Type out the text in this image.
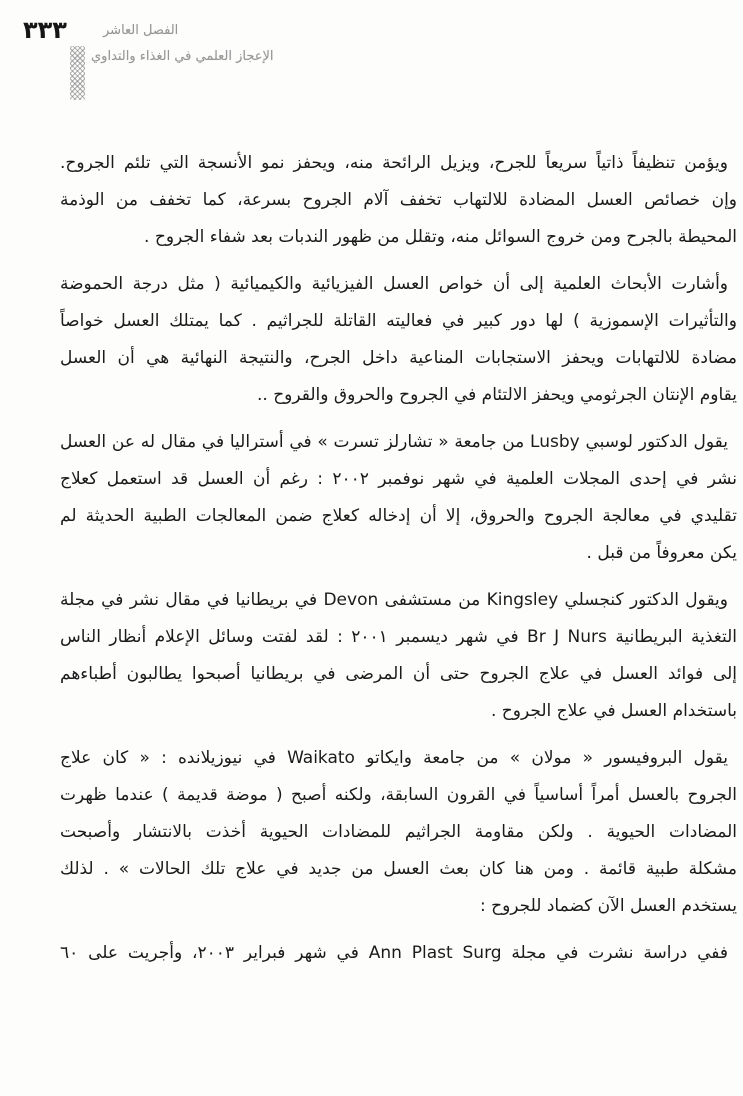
٣٣٣	الفصل العاشر
الإعجاز العلمي في الغذاء والتداوي
ويؤمن تنظيفاً ذاتياً سريعاً للجرح، ويزيل الرائحة منه، ويحفز نمو الأنسجة التي تلئم الجروح.
وإن خصائص العسل المضادة للالتهاب تخفف آلام الجروح بسرعة، كما تخفف من الوذمة
المحيطة بالجرح ومن خروج السوائل منه، وتقلل من ظهور الندبات بعد شفاء الجروح .
وأشارت الأبحاث العلمية إلى أن خواص العسل الفيزيائية والكيميائية ( مثل درجة الحموضة
والتأثيرات الإسموزية ) لها دور كبير في فعاليته القاتلة للجراثيم . كما يمتلك العسل خواصاً
مضادة للالتهابات ويحفز الاستجابات المناعية داخل الجرح، والنتيجة النهائية هي أن العسل
يقاوم الإنتان الجرثومي ويحفز الالتئام في الجروح والحروق والقروح ..
يقول الدكتور لوسبي Lusby من جامعة « تشارلز تسرت » في أستراليا في مقال له عن العسل
نشر في إحدى المجلات العلمية في شهر نوفمبر ٢٠٠٢ : رغم أن العسل قد استعمل كعلاج
تقليدي في معالجة الجروح والحروق، إلا أن إدخاله كعلاج ضمن المعالجات الطبية الحديثة لم
يكن معروفاً من قبل .
ويقول الدكتور كنجسلي Kingsley من مستشفى Devon في بريطانيا في مقال نشر في مجلة
التغذية البريطانية Br J Nurs في شهر ديسمبر ٢٠٠١ : لقد لفتت وسائل الإعلام أنظار الناس
إلى فوائد العسل في علاج الجروح حتى أن المرضى في بريطانيا أصبحوا يطالبون أطباءهم
باستخدام العسل في علاج الجروح .
يقول البروفيسور « مولان » من جامعة وايكاتو Waikato في نيوزيلانده : « كان علاج
الجروح بالعسل أمراً أساسياً في القرون السابقة، ولكنه أصبح ( موضة قديمة ) عندما ظهرت
المضادات الحيوية . ولكن مقاومة الجراثيم للمضادات الحيوية أخذت بالانتشار وأصبحت
مشكلة طبية قائمة . ومن هنا كان بعث العسل من جديد في علاج تلك الحالات » . لذلك
يستخدم العسل الآن كضماد للجروح :
ففي دراسة نشرت في مجلة Ann Plast Surg في شهر فبراير ٢٠٠٣، وأجريت على ٦٠
